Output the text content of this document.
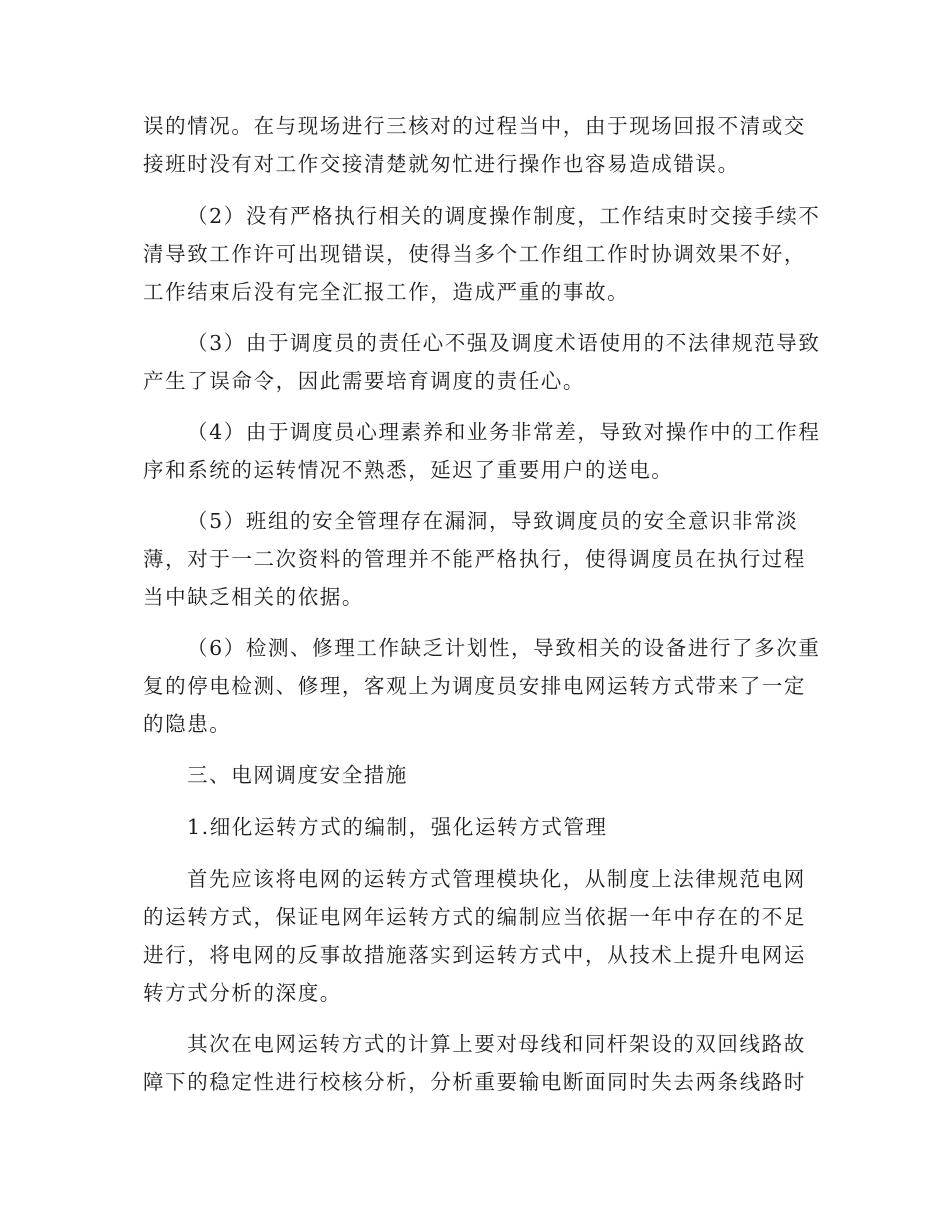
误的情况。在与现场进行三核对的过程当中，由于现场回报不清或交
接班时没有对工作交接清楚就匆忙进行操作也容易造成错误。
（2）没有严格执行相关的调度操作制度，工作结束时交接手续不
清导致工作许可出现错误，使得当多个工作组工作时协调效果不好，
工作结束后没有完全汇报工作，造成严重的事故。
（3）由于调度员的责任心不强及调度术语使用的不法律规范导致
产生了误命令，因此需要培育调度的责任心。
（4）由于调度员心理素养和业务非常差，导致对操作中的工作程
序和系统的运转情况不熟悉，延迟了重要用户的送电。
（5）班组的安全管理存在漏洞，导致调度员的安全意识非常淡
薄，对于一二次资料的管理并不能严格执行，使得调度员在执行过程
当中缺乏相关的依据。
（6）检测、修理工作缺乏计划性，导致相关的设备进行了多次重
复的停电检测、修理，客观上为调度员安排电网运转方式带来了一定
的隐患。
三、电网调度安全措施
1.细化运转方式的编制，强化运转方式管理
首先应该将电网的运转方式管理模块化，从制度上法律规范电网
的运转方式，保证电网年运转方式的编制应当依据一年中存在的不足
进行，将电网的反事故措施落实到运转方式中，从技术上提升电网运
转方式分析的深度。
其次在电网运转方式的计算上要对母线和同杆架设的双回线路故
障下的稳定性进行校核分析，分析重要输电断面同时失去两条线路时
